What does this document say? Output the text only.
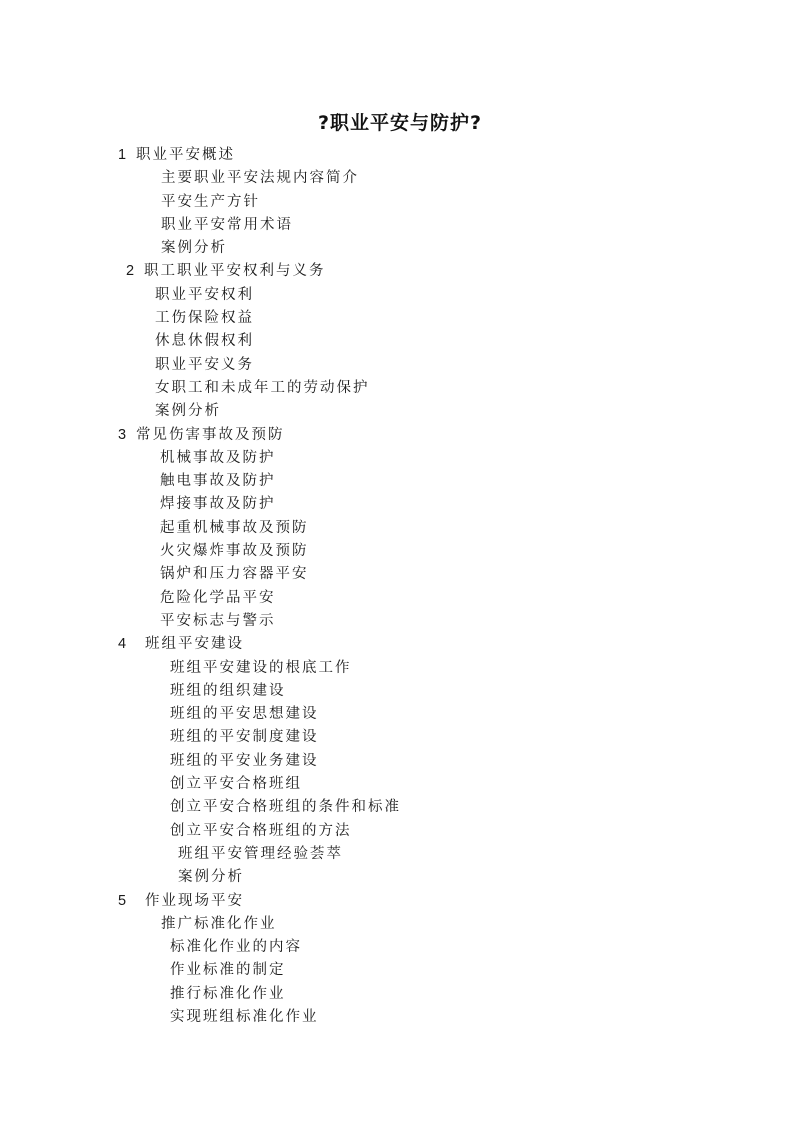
?职业平安与防护?
1 职业平安概述
主要职业平安法规内容简介
平安生产方针
职业平安常用术语
案例分析
2 职工职业平安权利与义务
职业平安权利
工伤保险权益
休息休假权利
职业平安义务
女职工和未成年工的劳动保护
案例分析
3 常见伤害事故及预防
机械事故及防护
触电事故及防护
焊接事故及防护
起重机械事故及预防
火灾爆炸事故及预防
锅炉和压力容器平安
危险化学品平安
平安标志与警示
4 班组平安建设
班组平安建设的根底工作
班组的组织建设
班组的平安思想建设
班组的平安制度建设
班组的平安业务建设
创立平安合格班组
创立平安合格班组的条件和标准
创立平安合格班组的方法
班组平安管理经验荟萃
案例分析
5 作业现场平安
推广标准化作业
标准化作业的内容
作业标准的制定
推行标准化作业
实现班组标准化作业
